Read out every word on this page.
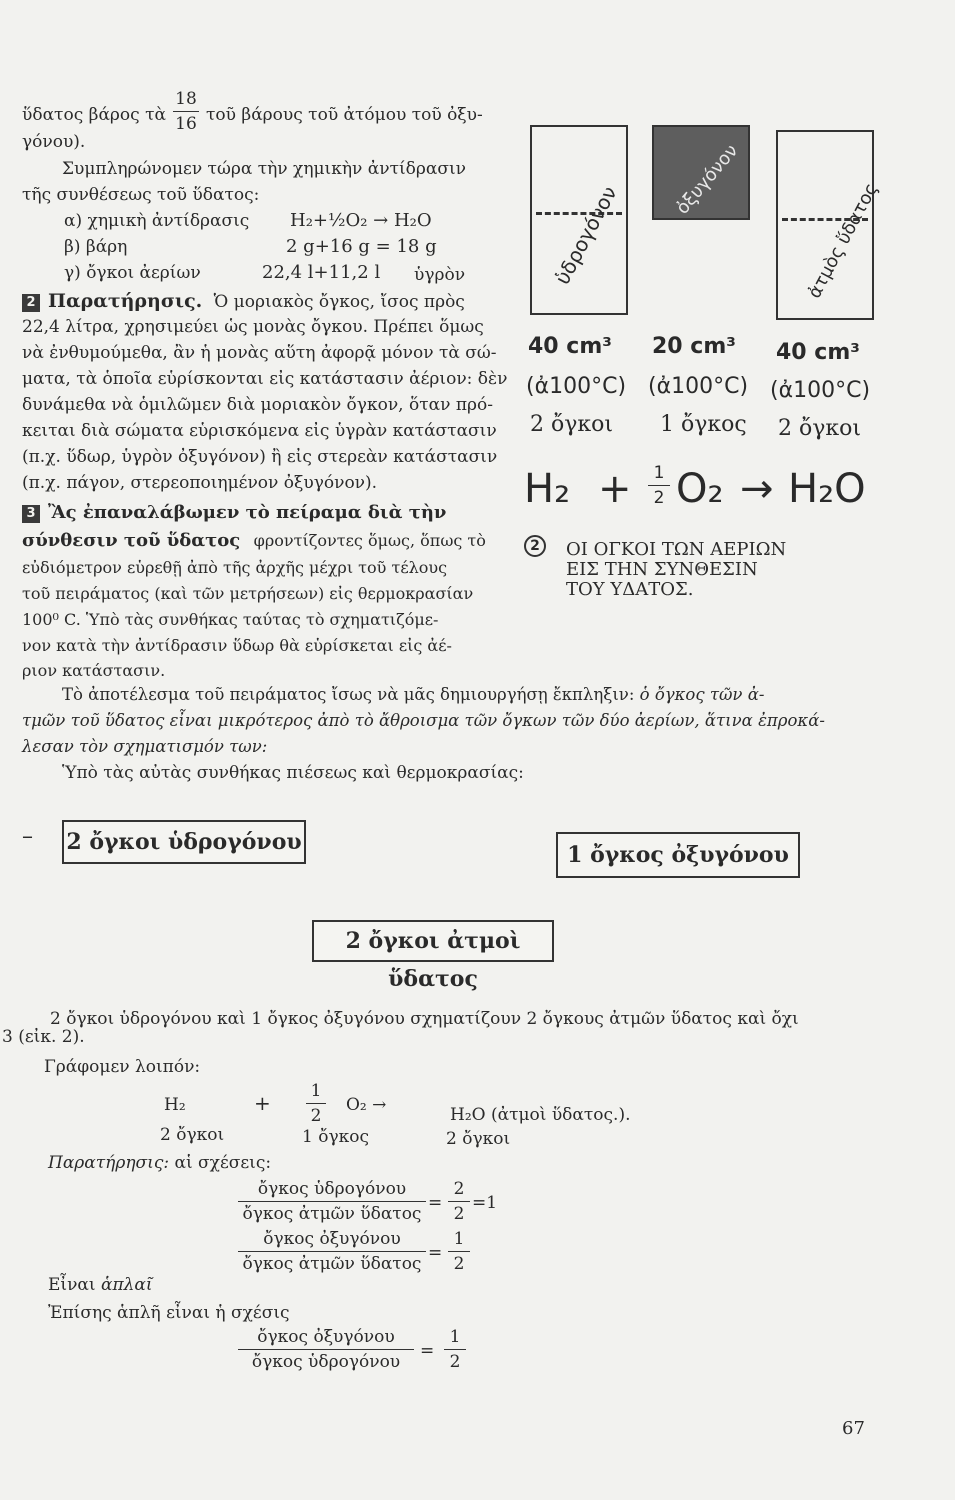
18
16
ὕδατος βάρος τὰ τοῦ βάρους τοῦ ἀτόμου τοῦ ὀξυ-
γόνου).
Συμπληρώνομεν τώρα τὴν χημικὴν ἀντίδρασιν
τῆς συνθέσεως τοῦ ὕδατος:
α) χημικὴ ἀντίδρασις H₂+½O₂ → H₂O
β) βάρη	2 g+16 g = 18 g
γ) ὄγκοι ἀερίων	22,4 l+11,2 l ὑγρὸν
2 Παρατήρησις. Ὁ μοριακὸς ὄγκος, ἴσος πρὸς
22,4 λίτρα, χρησιμεύει ὡς μονὰς ὄγκου. Πρέπει ὅμως
νὰ ἐνθυμούμεθα, ἂν ἡ μονὰς αὕτη ἀφορᾷ μόνον τὰ σώ-
ματα, τὰ ὁποῖα εὑρίσκονται εἰς κατάστασιν ἀέριον: δὲν
δυνάμεθα νὰ ὁμιλῶμεν διὰ μοριακὸν ὄγκον, ὅταν πρό-
κειται διὰ σώματα εὑρισκόμενα εἰς ὑγρὰν κατάστασιν
(π.χ. ὕδωρ, ὑγρὸν ὀξυγόνον) ἢ εἰς στερεὰν κατάστασιν
(π.χ. πάγον, στερεοποιημένον ὀξυγόνον).
3 Ἂς ἐπαναλάβωμεν τὸ πείραμα διὰ τὴν
σύνθεσιν τοῦ ὕδατος φροντίζοντες ὅμως, ὅπως τὸ
εὐδιόμετρον εὑρεθῇ ἀπὸ τῆς ἀρχῆς μέχρι τοῦ τέλους
τοῦ πειράματος (καὶ τῶν μετρήσεων) εἰς θερμοκρασίαν
100⁰ C. Ὑπὸ τὰς συνθήκας ταύτας τὸ σχηματιζόμε-
νον κατὰ τὴν ἀντίδρασιν ὕδωρ θὰ εὑρίσκεται εἰς ἀέ-
ριον κατάστασιν.
ὑδρογόνον
ὀξυγόνον
ἀτμὸς ὕδατος
40 cm³ 20 cm³ 40 cm³
(ἀ100°C) (ἀ100°C) (ἀ100°C)
2 ὄγκοι 1 ὄγκος 2 ὄγκοι
H₂ +	1
2 O₂ → H₂O
2	ΟΙ ΟΓΚΟΙ ΤΩΝ ΑΕΡΙΩΝ
ΕΙΣ ΤΗΝ ΣΥΝΘΕΣΙΝ
ΤΟΥ ΥΔΑΤΟΣ.
Τὸ ἀποτέλεσμα τοῦ πειράματος ἴσως νὰ μᾶς δημιουργήσῃ ἔκπληξιν: ὁ ὄγκος τῶν ἀ-
τμῶν τοῦ ὕδατος εἶναι μικρότερος ἀπὸ τὸ ἄθροισμα τῶν ὄγκων τῶν δύο ἀερίων, ἅτινα ἐπροκά-
λεσαν τὸν σχηματισμόν των:
Ὑπὸ τὰς αὐτὰς συνθήκας πιέσεως καὶ θερμοκρασίας:
– 2 ὄγκοι ὑδρογόνου	1 ὄγκος ὀξυγόνου
2 ὄγκοι ἀτμοὶ ὕδατος
2 ὄγκοι ὑδρογόνου καὶ 1 ὄγκος ὀξυγόνου σχηματίζουν 2 ὄγκους ἀτμῶν ὕδατος καὶ ὄχι
3 (εἰκ. 2).
Γράφομεν λοιπόν:
H₂	+ 1
2
O₂ →	H₂O (ἀτμοὶ ὕδατος.).
2 ὄγκοι	1 ὄγκος	2 ὄγκοι
Παρατήρησις: αἱ σχέσεις:
ὄγκος ὑδρογόνου
ὄγκος ἀτμῶν ὕδατος
=
2
2
=1
ὄγκος ὀξυγόνου
ὄγκος ἀτμῶν ὕδατος
=
1
2
Εἶναι ἁπλαῖ
Ἐπίσης ἁπλῆ εἶναι ἡ σχέσις
ὄγκος ὀξυγόνου
ὄγκος ὑδρογόνου
=
1
2
67
